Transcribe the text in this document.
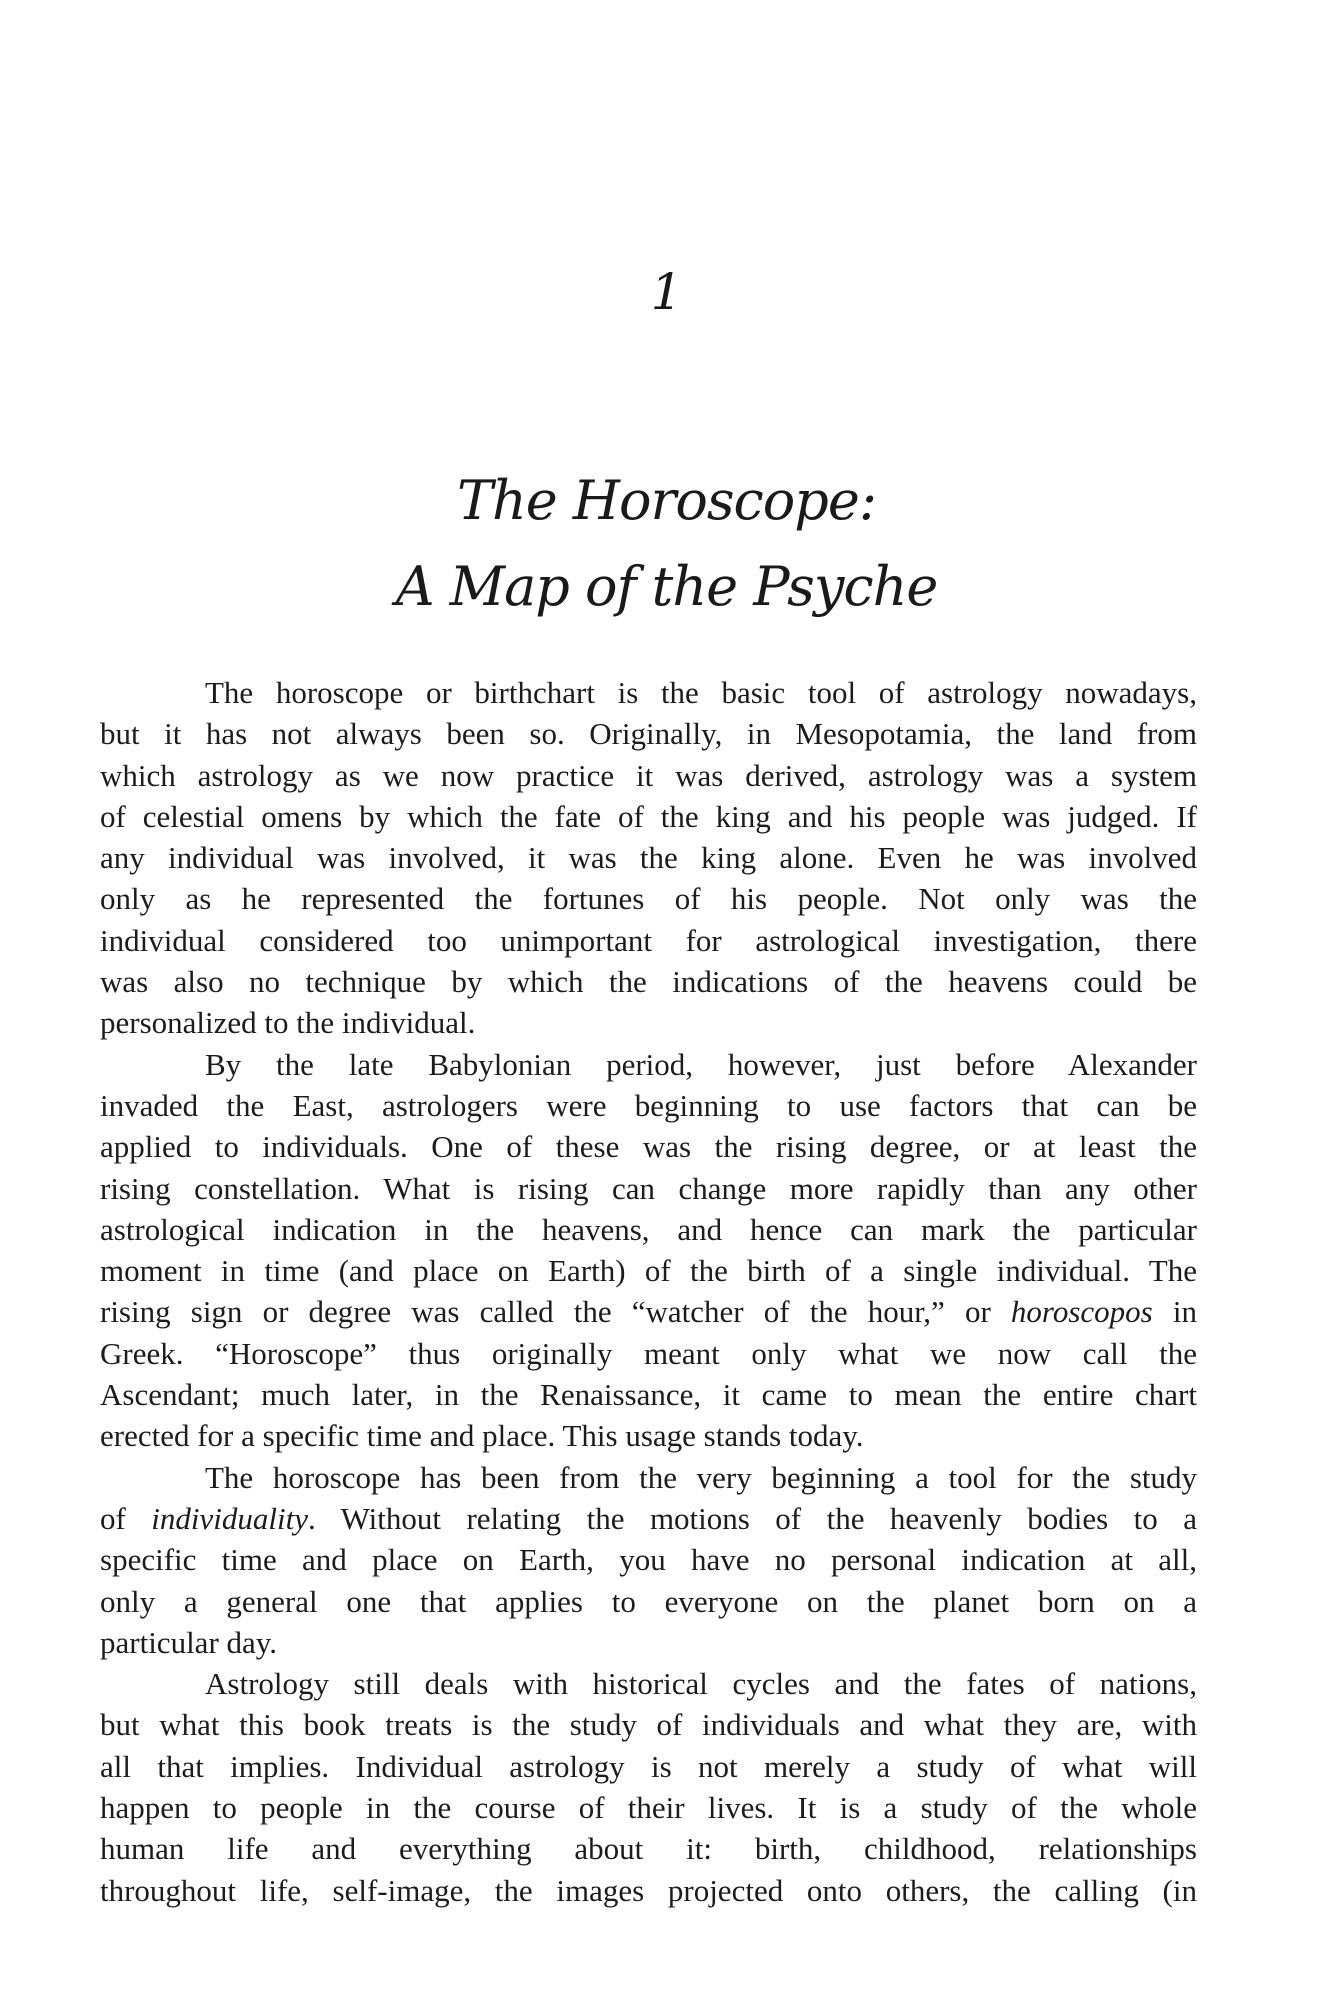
1
The Horoscope:
A Map of the Psyche
The horoscope or birthchart is the basic tool of astrology nowadays,
but it has not always been so. Originally, in Mesopotamia, the land from
which astrology as we now practice it was derived, astrology was a system
of celestial omens by which the fate of the king and his people was judged. If
any individual was involved, it was the king alone. Even he was involved
only as he represented the fortunes of his people. Not only was the
individual considered too unimportant for astrological investigation, there
was also no technique by which the indications of the heavens could be
personalized to the individual.
By the late Babylonian period, however, just before Alexander
invaded the East, astrologers were beginning to use factors that can be
applied to individuals. One of these was the rising degree, or at least the
rising constellation. What is rising can change more rapidly than any other
astrological indication in the heavens, and hence can mark the particular
moment in time (and place on Earth) of the birth of a single individual. The
rising sign or degree was called the “watcher of the hour,” or horoscopos in
Greek. “Horoscope” thus originally meant only what we now call the
Ascendant; much later, in the Renaissance, it came to mean the entire chart
erected for a specific time and place. This usage stands today.
The horoscope has been from the very beginning a tool for the study
of individuality. Without relating the motions of the heavenly bodies to a
specific time and place on Earth, you have no personal indication at all,
only a general one that applies to everyone on the planet born on a
particular day.
Astrology still deals with historical cycles and the fates of nations,
but what this book treats is the study of individuals and what they are, with
all that implies. Individual astrology is not merely a study of what will
happen to people in the course of their lives. It is a study of the whole
human life and everything about it: birth, childhood, relationships
throughout life, self-image, the images projected onto others, the calling (in
